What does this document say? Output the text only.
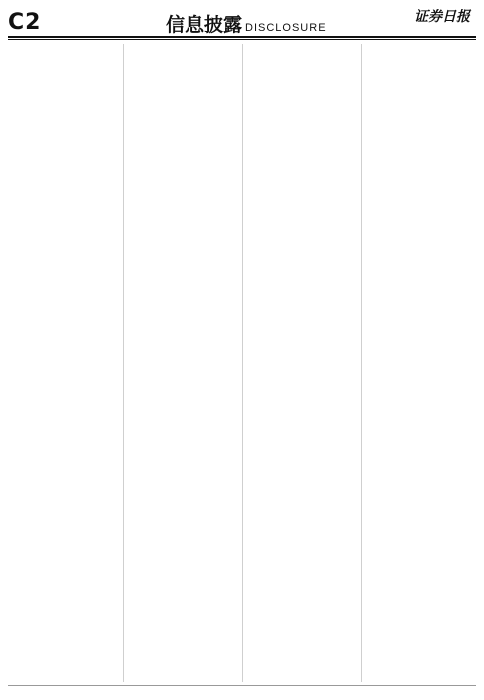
C2	信息披露 DISCLOSURE
证券日报
